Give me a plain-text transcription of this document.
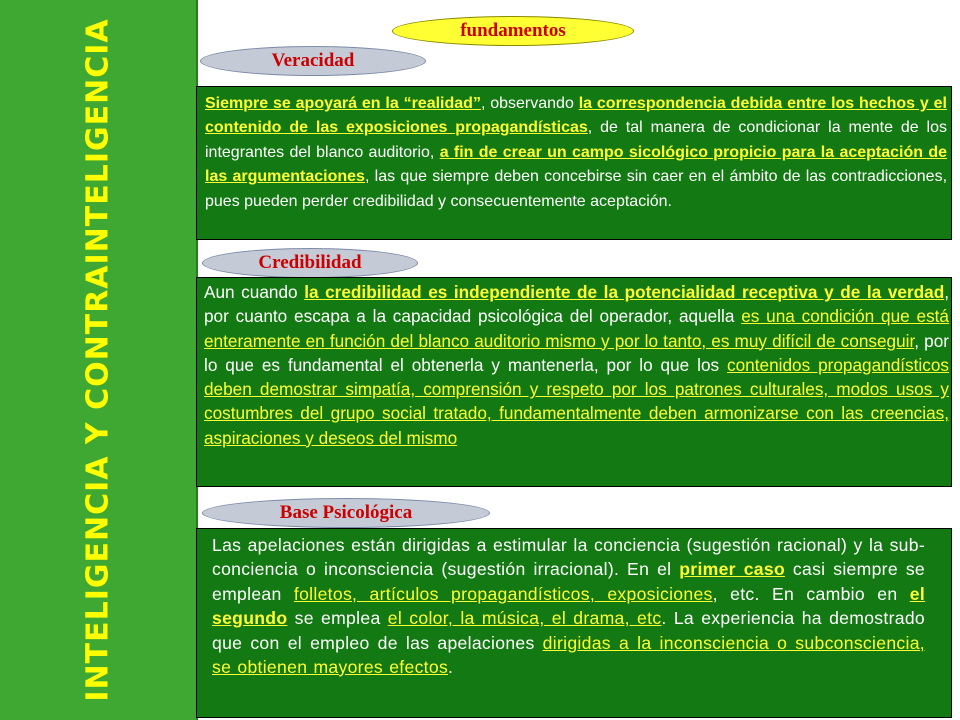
INTELIGENCIA Y CONTRAINTELIGENCIA	fundamentos
Veracidad

Siempre se apoyará en la “realidad”, observando la correspondencia debida entre los hechos y el contenido de las exposiciones propagandísticas, de tal manera de condicionar la mente de los integrantes del blanco auditorio, a fin de crear un campo sicológico propicio para la aceptación de las argumentaciones, las que siempre deben concebirse sin caer en el ámbito de las contradicciones, pues pueden perder credibilidad y consecuentemente aceptación.

Credibilidad

Aun cuando la credibilidad es independiente de la potencialidad receptiva y de la verdad, por cuanto escapa a la capacidad psicológica del operador, aquella es una condición que está enteramente en función del blanco auditorio mismo y por lo tanto, es muy difícil de conseguir, por lo que es fundamental el obtenerla y mantenerla, por lo que los contenidos propagandísticos deben demostrar simpatía, comprensión y respeto por los patrones culturales, modos usos y costumbres del grupo social tratado, fundamentalmente deben armonizarse con las creencias, aspiraciones y deseos del mismo

Base Psicológica

Las apelaciones están dirigidas a estimular la conciencia (sugestión racional) y la sub-conciencia o inconsciencia (sugestión irracional). En el primer caso casi siempre se emplean folletos, artículos propagandísticos, exposiciones, etc. En cambio en el segundo se emplea el color, la música, el drama, etc. La experiencia ha demostrado que con el empleo de las apelaciones dirigidas a la inconsciencia o subconsciencia, se obtienen mayores efectos.
